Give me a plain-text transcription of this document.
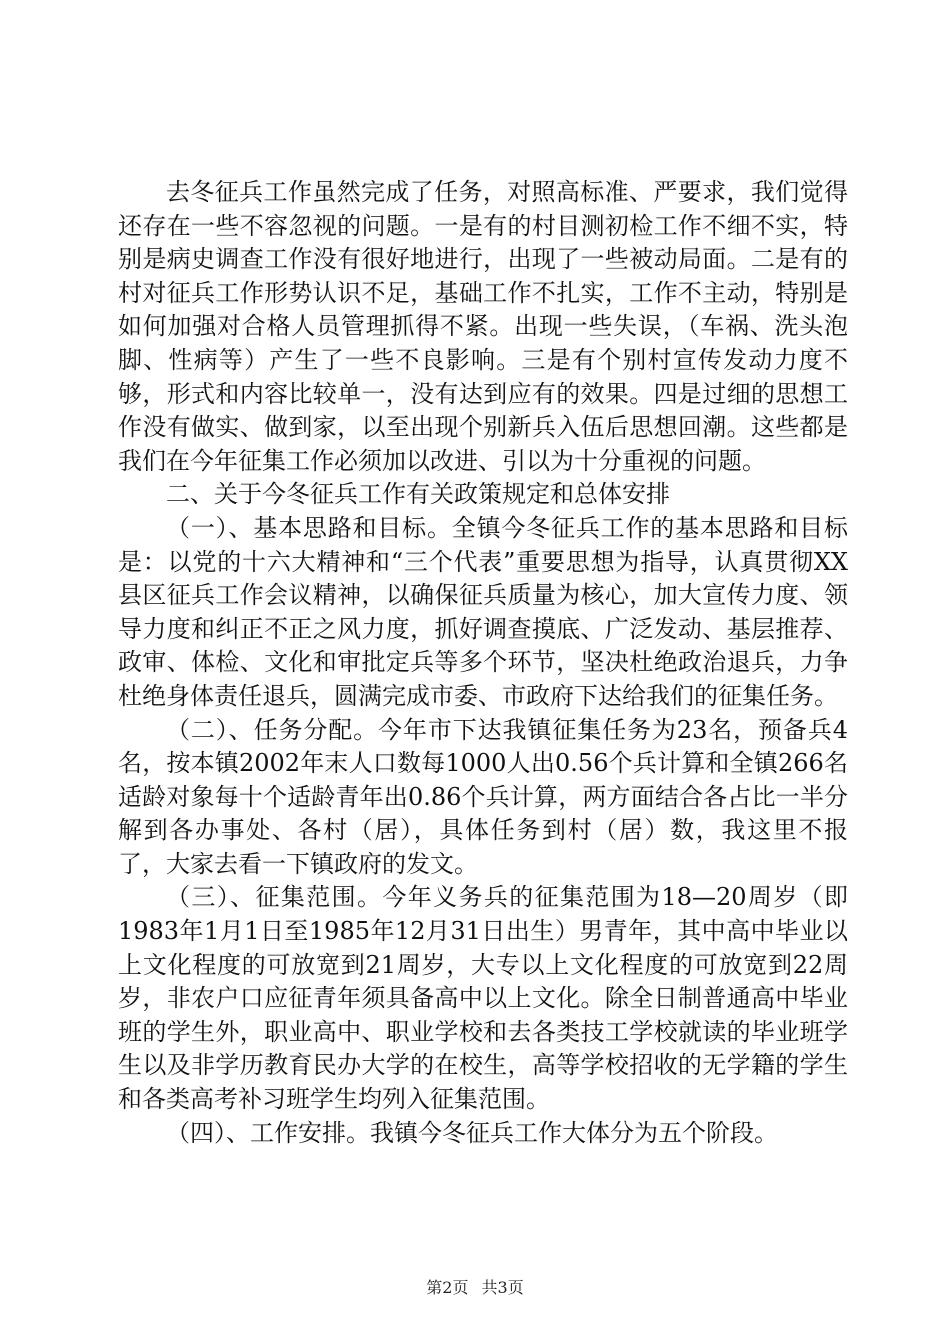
去冬征兵工作虽然完成了任务，对照高标准、严要求，我们觉得还存在一些不容忽视的问题。一是有的村目测初检工作不细不实，特别是病史调查工作没有很好地进行，出现了一些被动局面。二是有的村对征兵工作形势认识不足，基础工作不扎实，工作不主动，特别是如何加强对合格人员管理抓得不紧。出现一些失误，（车祸、洗头泡脚、性病等）产生了一些不良影响。三是有个别村宣传发动力度不够，形式和内容比较单一，没有达到应有的效果。四是过细的思想工作没有做实、做到家，以至出现个别新兵入伍后思想回潮。这些都是我们在今年征集工作必须加以改进、引以为十分重视的问题。

二、关于今冬征兵工作有关政策规定和总体安排

（一）、基本思路和目标。全镇今冬征兵工作的基本思路和目标是：以党的十六大精神和“三个代表”重要思想为指导，认真贯彻XX县区征兵工作会议精神，以确保征兵质量为核心，加大宣传力度、领导力度和纠正不正之风力度，抓好调查摸底、广泛发动、基层推荐、政审、体检、文化和审批定兵等多个环节，坚决杜绝政治退兵，力争杜绝身体责任退兵，圆满完成市委、市政府下达给我们的征集任务。

（二）、任务分配。今年市下达我镇征集任务为23名，预备兵4名，按本镇2002年末人口数每1000人出0.56个兵计算和全镇266名适龄对象每十个适龄青年出0.86个兵计算，两方面结合各占比一半分解到各办事处、各村（居），具体任务到村（居）数，我这里不报了，大家去看一下镇政府的发文。

（三）、征集范围。今年义务兵的征集范围为18—20周岁（即1983年1月1日至1985年12月31日出生）男青年，其中高中毕业以上文化程度的可放宽到21周岁，大专以上文化程度的可放宽到22周岁，非农户口应征青年须具备高中以上文化。除全日制普通高中毕业班的学生外，职业高中、职业学校和去各类技工学校就读的毕业班学生以及非学历教育民办大学的在校生，高等学校招收的无学籍的学生和各类高考补习班学生均列入征集范围。

（四）、工作安排。我镇今冬征兵工作大体分为五个阶段。

第2页 共3页
